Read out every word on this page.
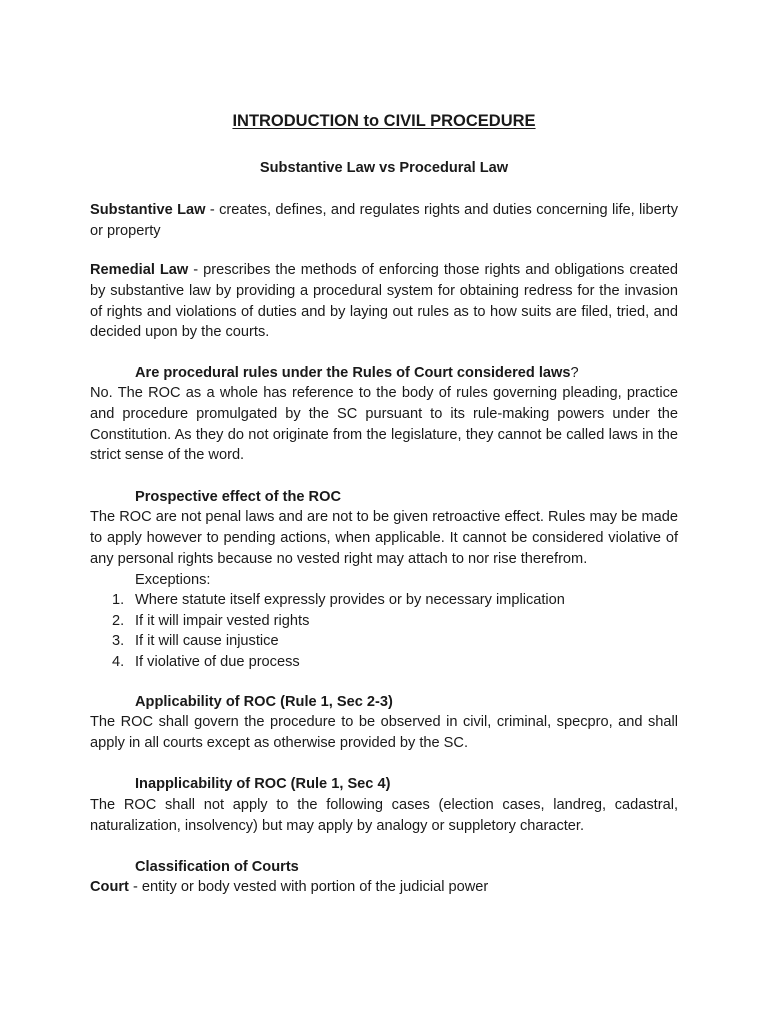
INTRODUCTION to CIVIL PROCEDURE
Substantive Law vs Procedural Law

Substantive Law - creates, defines, and regulates rights and duties concerning life, liberty or property

Remedial Law - prescribes the methods of enforcing those rights and obligations created by substantive law by providing a procedural system for obtaining redress for the invasion of rights and violations of duties and by laying out rules as to how suits are filed, tried, and decided upon by the courts.

Are procedural rules under the Rules of Court considered laws?

No. The ROC as a whole has reference to the body of rules governing pleading, practice and procedure promulgated by the SC pursuant to its rule-making powers under the Constitution. As they do not originate from the legislature, they cannot be called laws in the strict sense of the word.

Prospective effect of the ROC

The ROC are not penal laws and are not to be given retroactive effect. Rules may be made to apply however to pending actions, when applicable. It cannot be considered violative of any personal rights because no vested right may attach to nor rise therefrom.

Exceptions:

1. Where statute itself expressly provides or by necessary implication
2. If it will impair vested rights
3. If it will cause injustice
4. If violative of due process

Applicability of ROC (Rule 1, Sec 2-3)

The ROC shall govern the procedure to be observed in civil, criminal, specpro, and shall apply in all courts except as otherwise provided by the SC.

Inapplicability of ROC (Rule 1, Sec 4)

The ROC shall not apply to the following cases (election cases, landreg, cadastral, naturalization, insolvency) but may apply by analogy or suppletory character.

Classification of Courts

Court - entity or body vested with portion of the judicial power
